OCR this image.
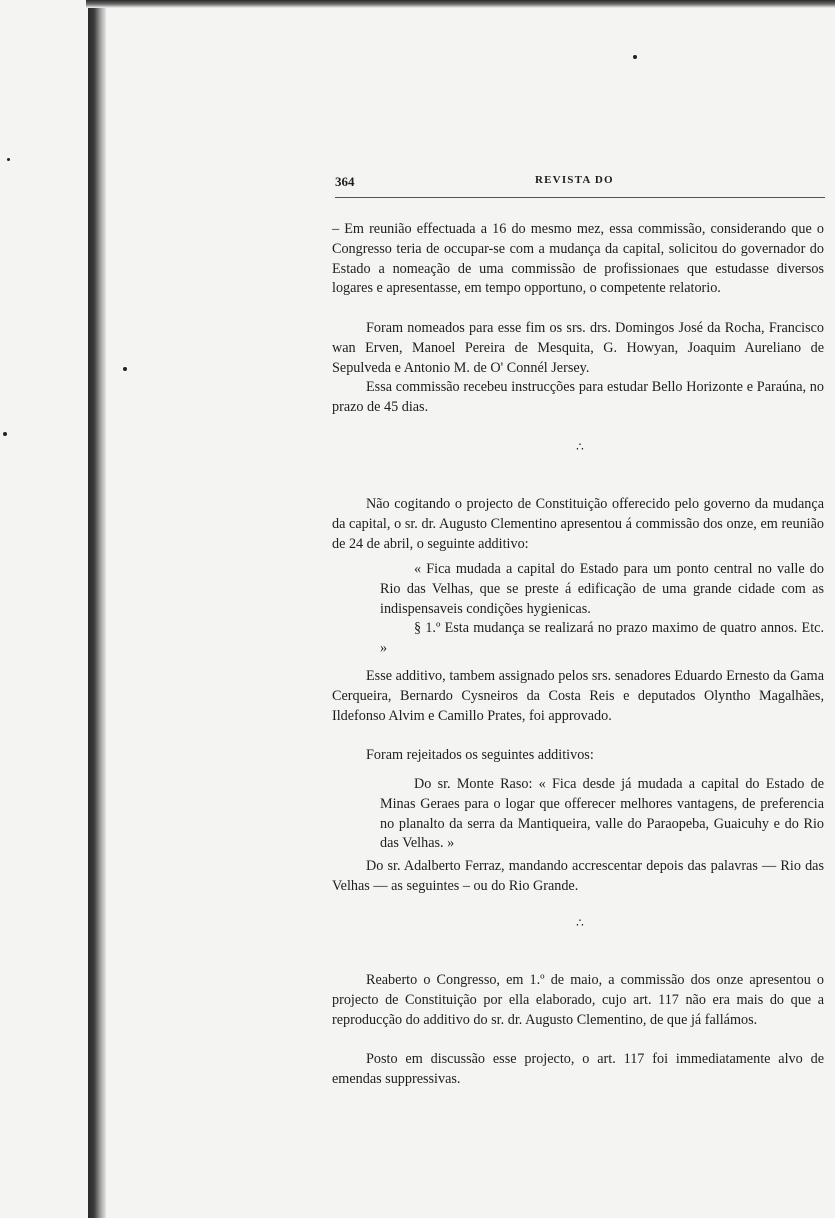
364	REVISTA DO

– Em reunião effectuada a 16 do mesmo mez, essa commissão, considerando que o Congresso teria de occupar-se com a mudança da capital, solicitou do governador do Estado a nomeação de uma commissão de profissionaes que estudasse diversos logares e apresentasse, em tempo opportuno, o competente relatorio.

Foram nomeados para esse fim os srs. drs. Domingos José da Rocha, Francisco wan Erven, Manoel Pereira de Mesquita, G. Howyan, Joaquim Aureliano de Sepulveda e Antonio M. de O' Connél Jersey.

Essa commissão recebeu instrucções para estudar Bello Horizonte e Paraúna, no prazo de 45 dias.

∴

Não cogitando o projecto de Constituição offerecido pelo governo da mudança da capital, o sr. dr. Augusto Clementino apresentou á commissão dos onze, em reunião de 24 de abril, o seguinte additivo:

« Fica mudada a capital do Estado para um ponto central no valle do Rio das Velhas, que se preste á edificação de uma grande cidade com as indispensaveis condições hygienicas.

§ 1.º Esta mudança se realizará no prazo maximo de quatro annos. Etc. »

Esse additivo, tambem assignado pelos srs. senadores Eduardo Ernesto da Gama Cerqueira, Bernardo Cysneiros da Costa Reis e deputados Olyntho Magalhães, Ildefonso Alvim e Camillo Prates, foi approvado.

Foram rejeitados os seguintes additivos:

Do sr. Monte Raso: « Fica desde já mudada a capital do Estado de Minas Geraes para o logar que offerecer melhores vantagens, de preferencia no planalto da serra da Mantiqueira, valle do Paraopeba, Guaicuhy e do Rio das Velhas. »

Do sr. Adalberto Ferraz, mandando accrescentar depois das palavras — Rio das Velhas — as seguintes – ou do Rio Grande.

∴

Reaberto o Congresso, em 1.º de maio, a commissão dos onze apresentou o projecto de Constituição por ella elaborado, cujo art. 117 não era mais do que a reproducção do additivo do sr. dr. Augusto Clementino, de que já fallámos.

Posto em discussão esse projecto, o art. 117 foi immediatamente alvo de emendas suppressivas.
